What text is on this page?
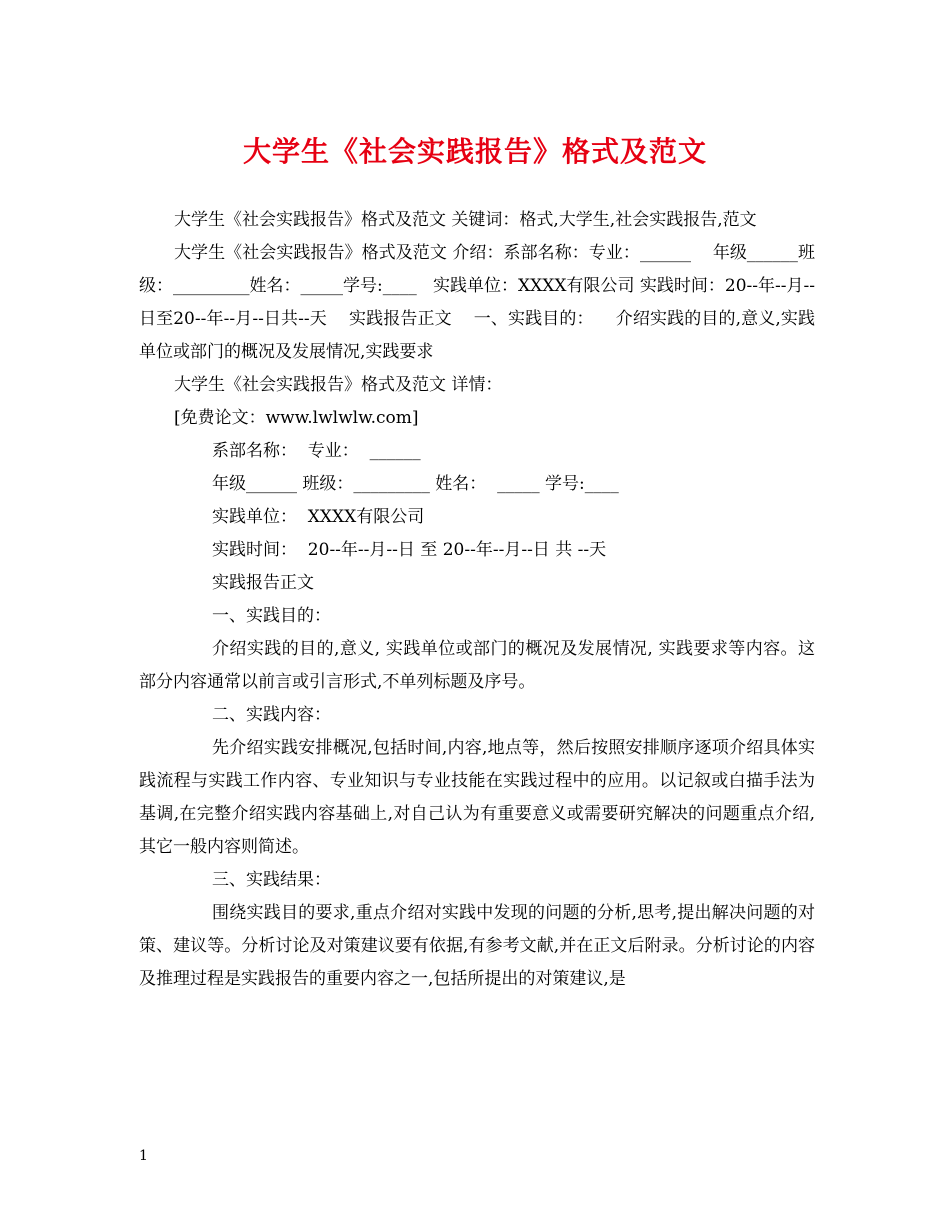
大学生《社会实践报告》格式及范文

大学生《社会实践报告》格式及范文 关键词：格式,大学生,社会实践报告,范文

大学生《社会实践报告》格式及范文 介绍：系部名称：专业：______    年级______班级：_________姓名：_____学号:____   实践单位：XXXX有限公司 实践时间：20--年--月--日至20--年--月--日共--天    实践报告正文    一、实践目的：    介绍实践的目的,意义,实践单位或部门的概况及发展情况,实践要求

大学生《社会实践报告》格式及范文 详情：

[免费论文：www.lwlwlw.com]

系部名称：  专业：  ______

年级______ 班级：_________ 姓名：  _____ 学号:____

实践单位：  XXXX有限公司

实践时间：  20--年--月--日 至 20--年--月--日 共 --天

实践报告正文

一、实践目的：

介绍实践的目的,意义, 实践单位或部门的概况及发展情况, 实践要求等内容。这部分内容通常以前言或引言形式,不单列标题及序号。

二、实践内容：

先介绍实践安排概况,包括时间,内容,地点等，然后按照安排顺序逐项介绍具体实践流程与实践工作内容、专业知识与专业技能在实践过程中的应用。以记叙或白描手法为基调,在完整介绍实践内容基础上,对自己认为有重要意义或需要研究解决的问题重点介绍,其它一般内容则简述。

三、实践结果：

围绕实践目的要求,重点介绍对实践中发现的问题的分析,思考,提出解决问题的对策、建议等。分析讨论及对策建议要有依据,有参考文献,并在正文后附录。分析讨论的内容及推理过程是实践报告的重要内容之一,包括所提出的对策建议,是

1
